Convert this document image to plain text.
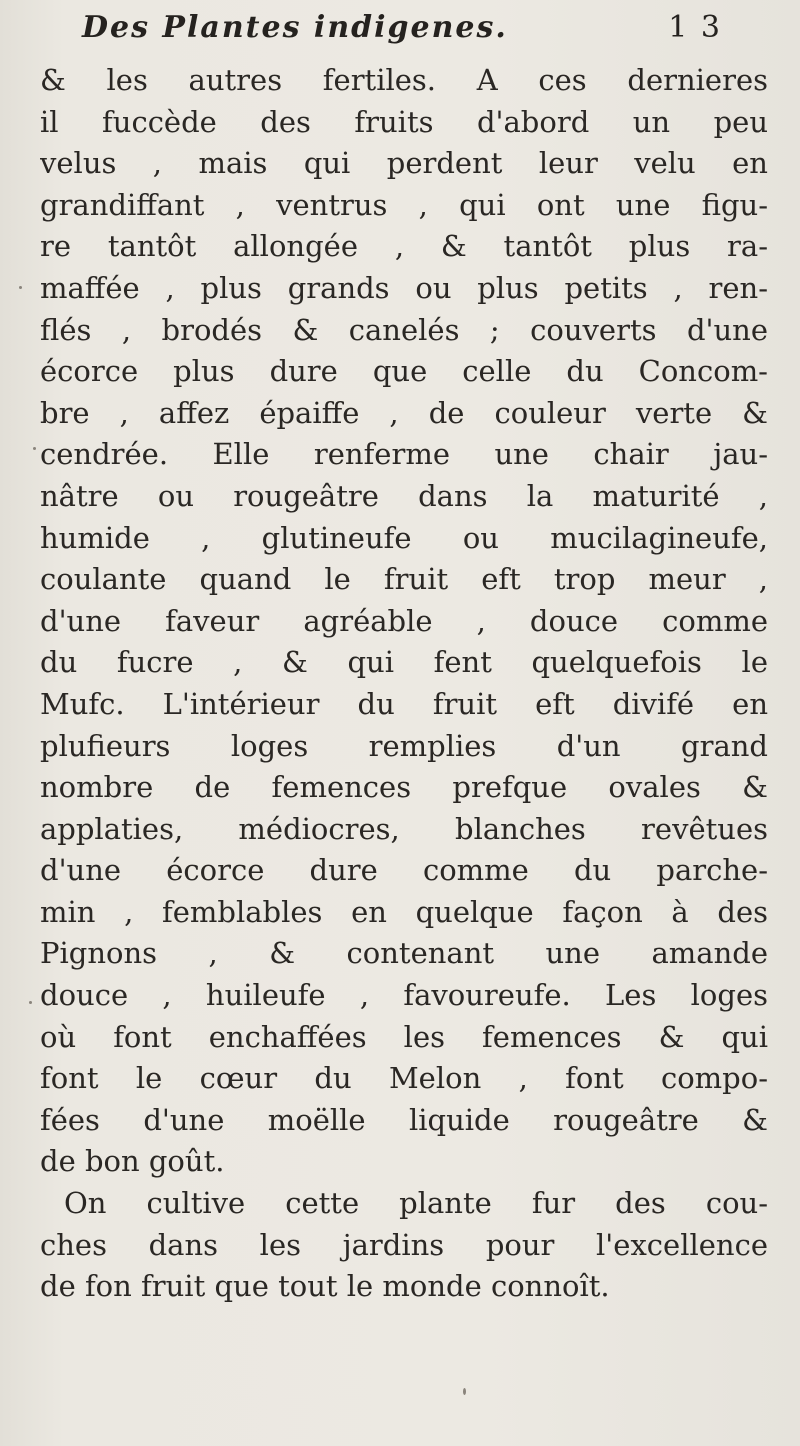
Des Plantes indigenes.	1 3
& les autres fertiles. A ces dernieres
il fuccède des fruits d'abord un peu
velus , mais qui perdent leur velu en
grandiffant , ventrus , qui ont une figu-
re tantôt allongée , & tantôt plus ra-
maffée , plus grands ou plus petits , ren-
flés , brodés & canelés ; couverts d'une
écorce plus dure que celle du Concom-
bre , affez épaiffe , de couleur verte &
cendrée. Elle renferme une chair jau-
nâtre ou rougeâtre dans la maturité ,
humide , glutineufe ou mucilagineufe,
coulante quand le fruit eft trop meur ,
d'une faveur agréable , douce comme
du fucre , & qui fent quelquefois le
Mufc. L'intérieur du fruit eft divifé en
plufieurs loges remplies d'un grand
nombre de femences prefque ovales &
applaties, médiocres, blanches revêtues
d'une écorce dure comme du parche-
min , femblables en quelque façon à des
Pignons , & contenant une amande
douce , huileufe , favoureufe. Les loges
où font enchaffées les femences & qui
font le cœur du Melon , font compo-
fées d'une moëlle liquide rougeâtre &
de bon goût.
On cultive cette plante fur des cou-
ches dans les jardins pour l'excellence
de fon fruit que tout le monde connoît.
